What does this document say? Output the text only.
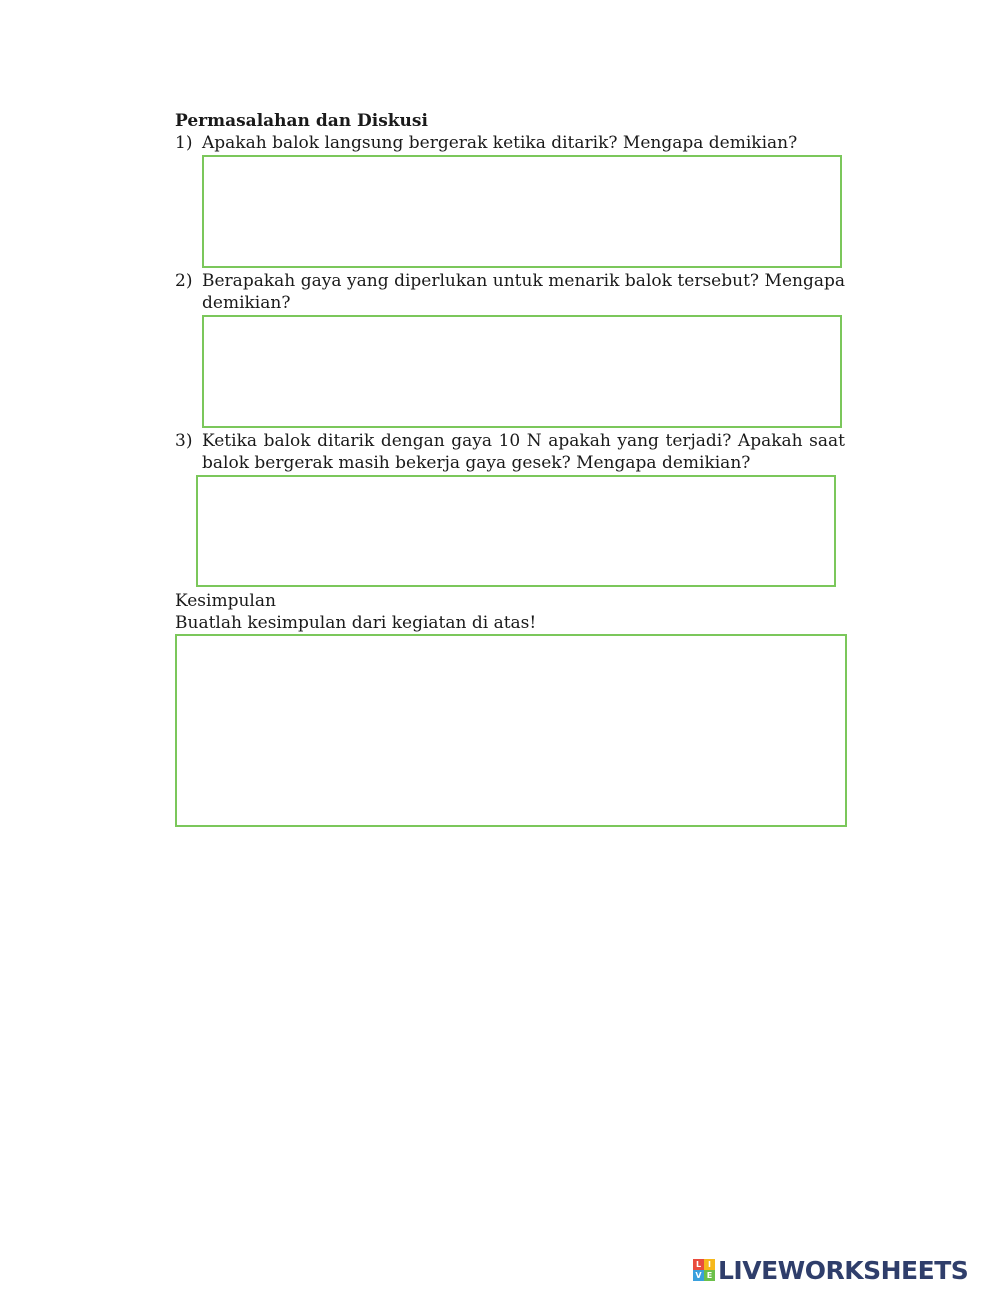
Permasalahan dan Diskusi
1) Apakah balok langsung bergerak ketika ditarik? Mengapa demikian?
2) Berapakah gaya yang diperlukan untuk menarik balok tersebut? Mengapa demikian?
3) Ketika balok ditarik dengan gaya 10 N apakah yang terjadi? Apakah saat balok bergerak masih bekerja gaya gesek? Mengapa demikian?
Kesimpulan
Buatlah kesimpulan dari kegiatan di atas!
L I
V E LIVEWORKSHEETS
